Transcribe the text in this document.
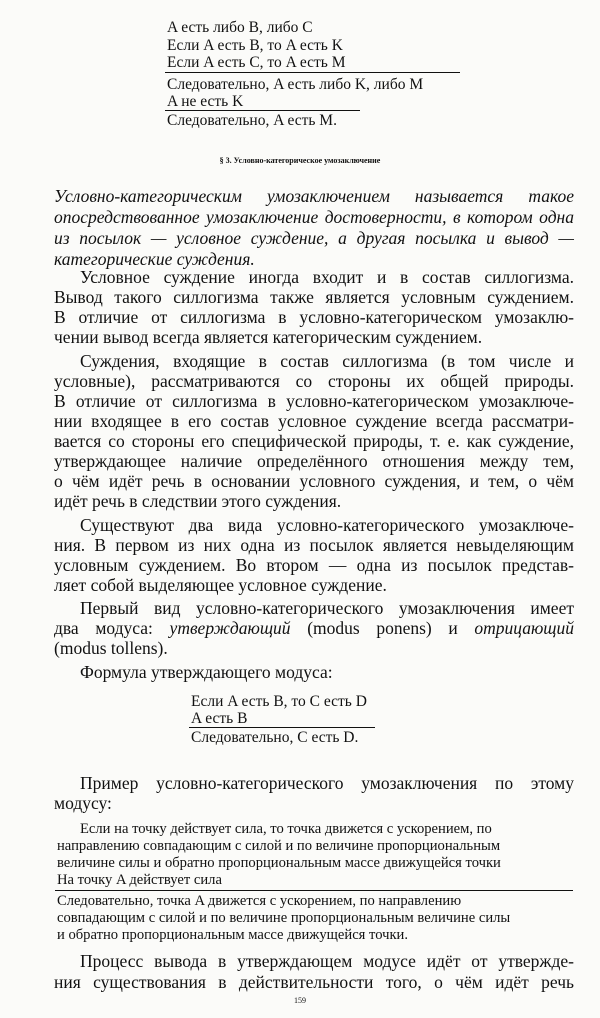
A есть либо B, либо C
Если A есть B, то A есть K
Если A есть C, то A есть M
Следовательно, A есть либо K, либо M
A не есть K
Следовательно, A есть M.
§ 3. Условно-категорическое умозаключение
Условно-категорическим умозаключением называется такое
опосредствованное умозаключение достоверности, в котором одна
из посылок — условное суждение, а другая посылка и вывод —
категорические суждения.
Условное суждение иногда входит и в состав силлогизма.
Вывод такого силлогизма также является условным суждением.
В отличие от силлогизма в условно-категорическом умозаклю-
чении вывод всегда является категорическим суждением.
Суждения, входящие в состав силлогизма (в том числе и
условные), рассматриваются со стороны их общей природы.
В отличие от силлогизма в условно-категорическом умозаключе-
нии входящее в его состав условное суждение всегда рассматри-
вается со стороны его специфической природы, т. е. как суждение,
утверждающее наличие определённого отношения между тем,
о чём идёт речь в основании условного суждения, и тем, о чём
идёт речь в следствии этого суждения.
Существуют два вида условно-категорического умозаключе-
ния. В первом из них одна из посылок является невыделяющим
условным суждением. Во втором — одна из посылок представ-
ляет собой выделяющее условное суждение.
Первый вид условно-категорического умозаключения имеет
два модуса: утверждающий (modus ponens) и отрицающий
(modus tollens).
Формула утверждающего модуса:
Если A есть B, то C есть D
A есть B
Следовательно, C есть D.
Пример условно-категорического умозаключения по этому
модусу:
Если на точку действует сила, то точка движется с ускорением, по
направлению совпадающим с силой и по величине пропорциональным
величине силы и обратно пропорциональным массе движущейся точки
На точку A действует сила
Следовательно, точка A движется с ускорением, по направлению
совпадающим с силой и по величине пропорциональным величине силы
и обратно пропорциональным массе движущейся точки.
Процесс вывода в утверждающем модусе идёт от утвержде-
ния существования в действительности того, о чём идёт речь
159
